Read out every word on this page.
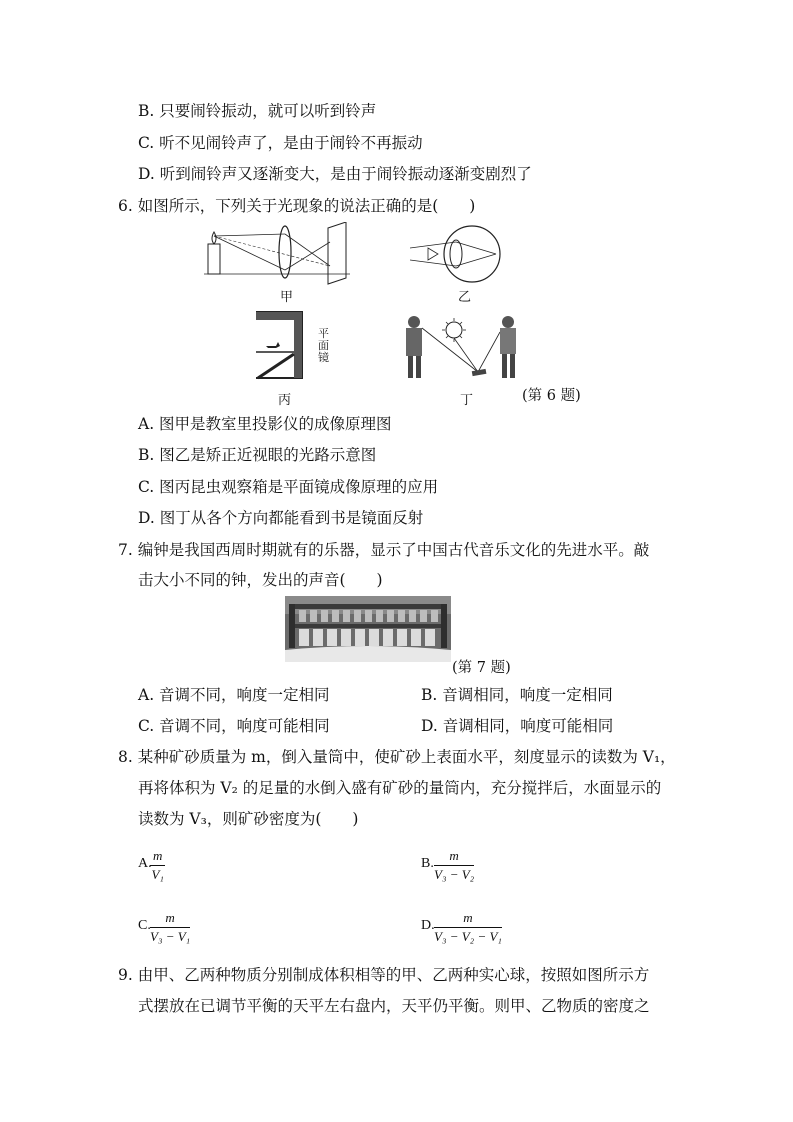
B. 只要闹铃振动，就可以听到铃声
C. 听不见闹铃声了，是由于闹铃不再振动
D. 听到闹铃声又逐渐变大，是由于闹铃振动逐渐变剧烈了
6. 如图所示，下列关于光现象的说法正确的是(　　)
甲	乙
平面镜
丙	丁	(第 6 题)
A. 图甲是教室里投影仪的成像原理图
B. 图乙是矫正近视眼的光路示意图
C. 图丙昆虫观察箱是平面镜成像原理的应用
D. 图丁从各个方向都能看到书是镜面反射
7. 编钟是我国西周时期就有的乐器，显示了中国古代音乐文化的先进水平。敲
击大小不同的钟，发出的声音(　　)
(第 7 题)
A. 音调不同，响度一定相同	B. 音调相同，响度一定相同
C. 音调不同，响度可能相同	D. 音调相同，响度可能相同
8. 某种矿砂质量为 m，倒入量筒中，使矿砂上表面水平，刻度显示的读数为 V₁，
再将体积为 V₂ 的足量的水倒入盛有矿砂的量筒内，充分搅拌后，水面显示的
读数为 V₃，则矿砂密度为(　　)
A.
$\frac{m}{\text{V₁}}$	B. $\frac{m}{\text{V₃ − V₂}}$
C. $\frac{m}{\text{V₃ − V₁}}$	D. $\frac{m}{\text{V₃ − V₂ − V₁}}$
9. 由甲、乙两种物质分别制成体积相等的甲、乙两种实心球，按照如图所示方
式摆放在已调节平衡的天平左右盘内，天平仍平衡。则甲、乙物质的密度之
